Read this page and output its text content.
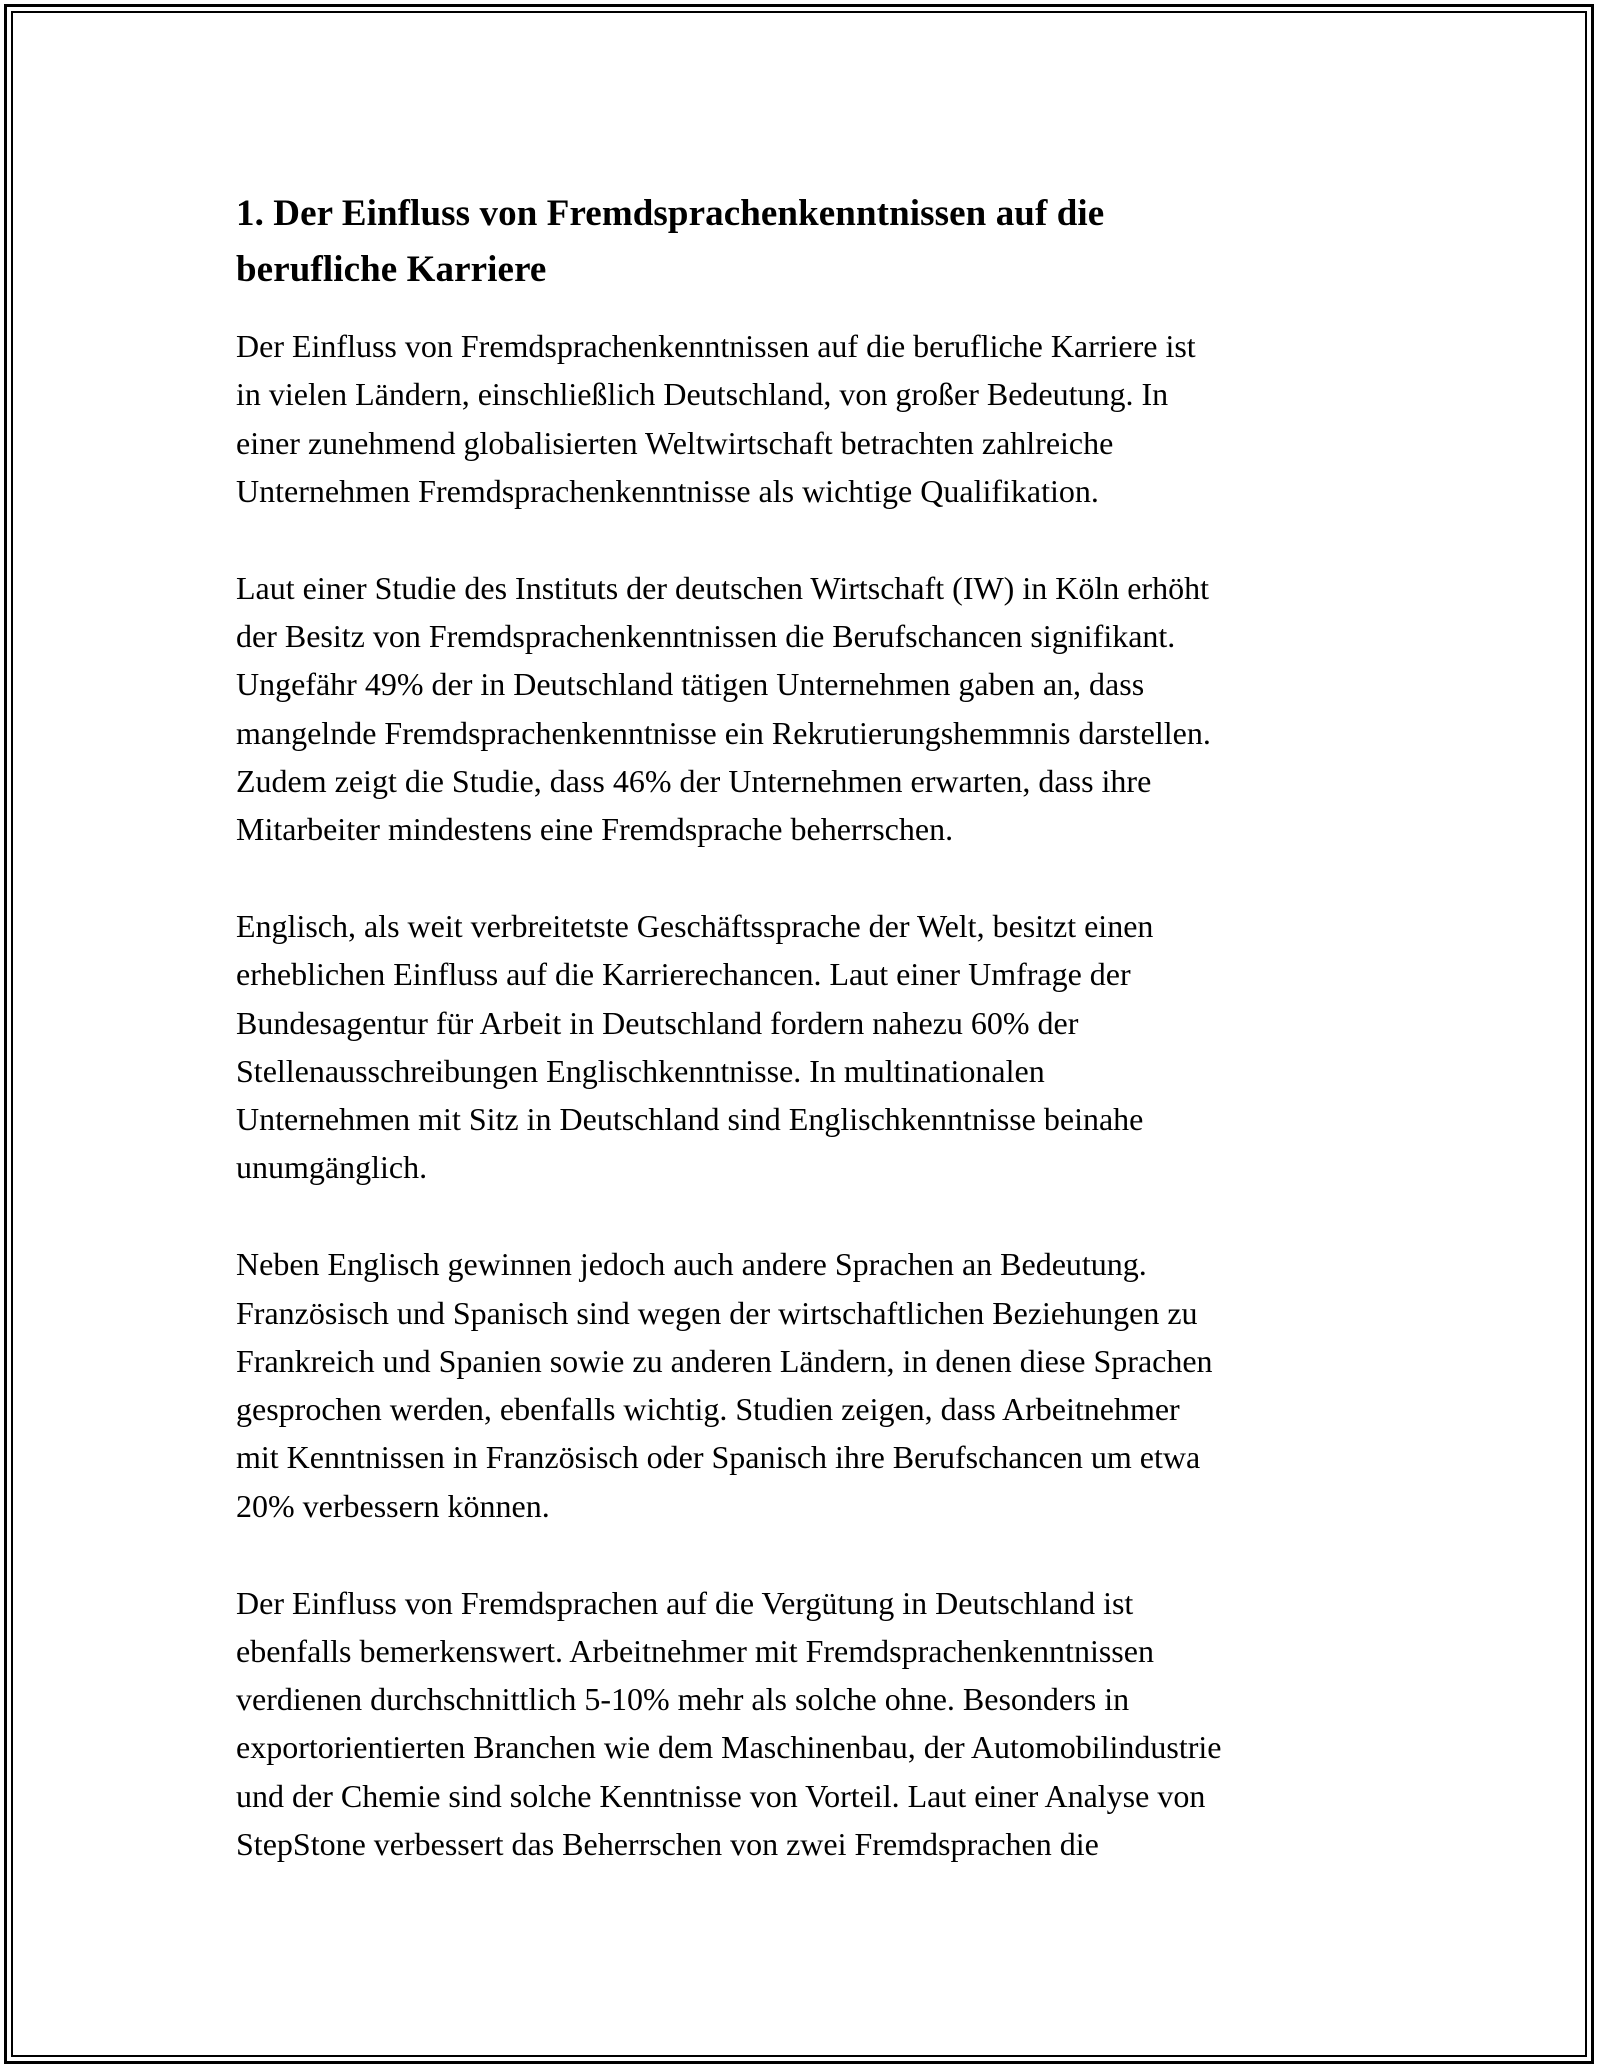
1. Der Einfluss von Fremdsprachenkenntnissen auf die
berufliche Karriere

Der Einfluss von Fremdsprachenkenntnissen auf die berufliche Karriere ist
in vielen Ländern, einschließlich Deutschland, von großer Bedeutung. In
einer zunehmend globalisierten Weltwirtschaft betrachten zahlreiche
Unternehmen Fremdsprachenkenntnisse als wichtige Qualifikation.

Laut einer Studie des Instituts der deutschen Wirtschaft (IW) in Köln erhöht
der Besitz von Fremdsprachenkenntnissen die Berufschancen signifikant.
Ungefähr 49% der in Deutschland tätigen Unternehmen gaben an, dass
mangelnde Fremdsprachenkenntnisse ein Rekrutierungshemmnis darstellen.
Zudem zeigt die Studie, dass 46% der Unternehmen erwarten, dass ihre
Mitarbeiter mindestens eine Fremdsprache beherrschen.

Englisch, als weit verbreitetste Geschäftssprache der Welt, besitzt einen
erheblichen Einfluss auf die Karrierechancen. Laut einer Umfrage der
Bundesagentur für Arbeit in Deutschland fordern nahezu 60% der
Stellenausschreibungen Englischkenntnisse. In multinationalen
Unternehmen mit Sitz in Deutschland sind Englischkenntnisse beinahe
unumgänglich.

Neben Englisch gewinnen jedoch auch andere Sprachen an Bedeutung.
Französisch und Spanisch sind wegen der wirtschaftlichen Beziehungen zu
Frankreich und Spanien sowie zu anderen Ländern, in denen diese Sprachen
gesprochen werden, ebenfalls wichtig. Studien zeigen, dass Arbeitnehmer
mit Kenntnissen in Französisch oder Spanisch ihre Berufschancen um etwa
20% verbessern können.

Der Einfluss von Fremdsprachen auf die Vergütung in Deutschland ist
ebenfalls bemerkenswert. Arbeitnehmer mit Fremdsprachenkenntnissen
verdienen durchschnittlich 5-10% mehr als solche ohne. Besonders in
exportorientierten Branchen wie dem Maschinenbau, der Automobilindustrie
und der Chemie sind solche Kenntnisse von Vorteil. Laut einer Analyse von
StepStone verbessert das Beherrschen von zwei Fremdsprachen die
